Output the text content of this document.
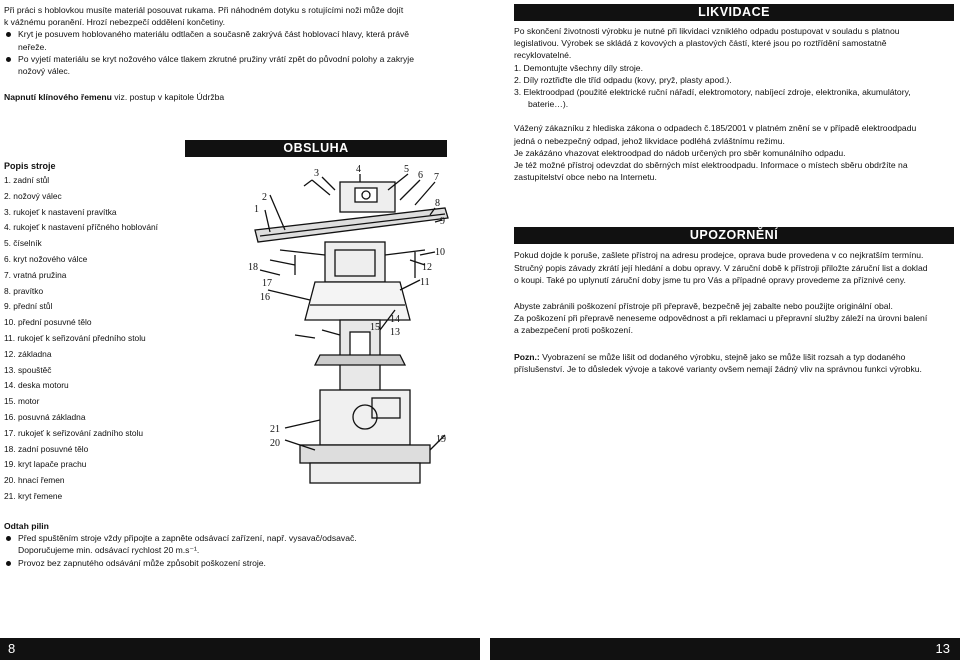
Při práci s hoblovkou musíte materiál posouvat rukama. Při náhodném dotyku s rotujícími noži může dojít

k vážnému poranění. Hrozí nebezpečí oddělení končetiny.

Kryt je posuvem hoblovaného materiálu odtlačen a současně zakrývá část hoblovací hlavy, která právě
neřeže.
Po vyjetí materiálu se kryt nožového válce tlakem zkrutné pružiny vrátí zpět do původní polohy a zakryje
nožový válec.

Napnutí klínového řemenu viz. postup v kapitole Údržba

OBSLUHA

Popis stroje

1. zadní stůl
2. nožový válec
3. rukojeť k nastavení pravítka
4. rukojeť k nastavení příčného hoblování
5. číselník
6. kryt nožového válce
7. vratná pružina
8. pravítko
9. přední stůl
10. přední posuvné tělo
11. rukojeť k seřizování předního stolu
12. základna
13. spouštěč
14. deska motoru
15. motor
16. posuvná základna
17. rukojeť k seřizování zadního stolu
18. zadní posuvné tělo
19. kryt lapače prachu
20. hnací řemen
21. kryt řemene
3	4	5
6 7
8
9
1
2
10
11
12
13
14
15
16
17
18
19
20
21

Odtah pilin

Před spuštěním stroje vždy připojte a zapněte odsávací zařízení, např. vysavač/odsavač.
Doporučujeme min. odsávací rychlost 20 m.s⁻¹.
Provoz bez zapnutého odsávání může způsobit poškození stroje.
8
LIKVIDACE

Po skončení životnosti výrobku je nutné při likvidaci vzniklého odpadu postupovat v souladu s platnou

legislativou. Výrobek se skládá z kovových a plastových částí, které jsou po roztřídění samostatně

recyklovatelné.

1. Demontujte všechny díly stroje.
2. Díly roztřiďte dle tříd odpadu (kovy, pryž, plasty apod.).
3. Elektroodpad (použité elektrické ruční nářadí, elektromotory, nabíjecí zdroje, elektronika, akumulátory,
baterie…).

Vážený zákazníku z hlediska zákona o odpadech č.185/2001 v platném znění se v případě elektroodpadu

jedná o nebezpečný odpad, jehož likvidace podléhá zvláštnímu režimu.

Je zakázáno vhazovat elektroodpad do nádob určených pro sběr komunálního odpadu.

Je též možné přístroj odevzdat do sběrných míst elektroodpadu. Informace o místech sběru obdržíte na

zastupitelství obce nebo na Internetu.

UPOZORNĚNÍ

Pokud dojde k poruše, zašlete přístroj na adresu prodejce, oprava bude provedena v co nejkratším termínu.

Stručný popis závady zkrátí její hledání a dobu opravy. V záruční době k přístroji přiložte záruční list a doklad

o koupi. Také po uplynutí záruční doby jsme tu pro Vás a případné opravy provedeme za příznivé ceny.

Abyste zabránili poškození přístroje při přepravě, bezpečně jej zabalte nebo použijte originální obal.

Za poškození při přepravě neneseme odpovědnost a při reklamaci u přepravní služby záleží na úrovni balení

a zabezpečení proti poškození.

Pozn.: Vyobrazení se může lišit od dodaného výrobku, stejně jako se může lišit rozsah a typ dodaného

příslušenství. Je to důsledek vývoje a takové varianty ovšem nemají žádný vliv na správnou funkci výrobku.

13
